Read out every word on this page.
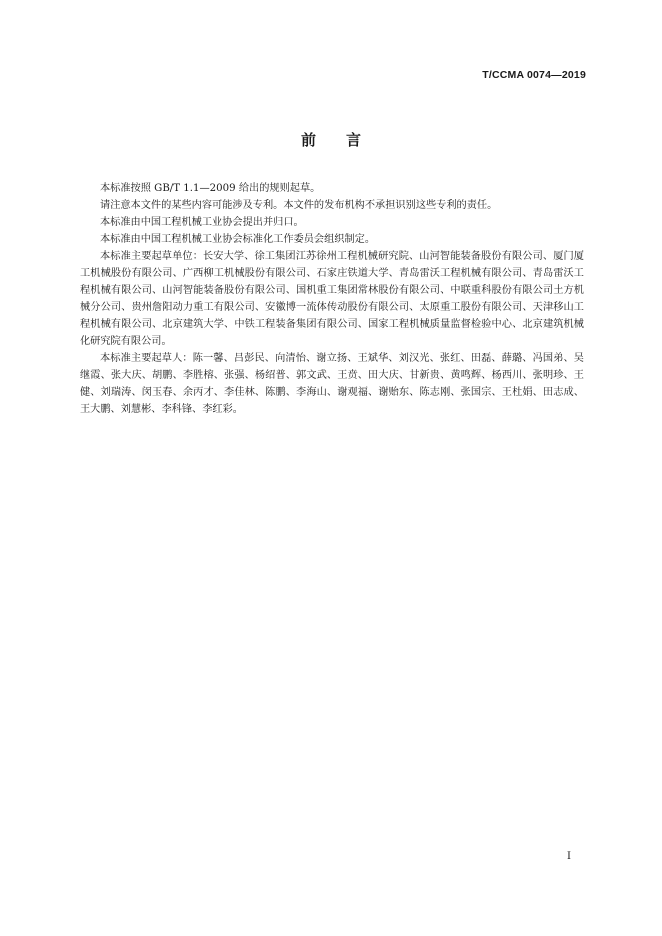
T/CCMA 0074—2019
前言

本标准按照 GB/T 1.1—2009 给出的规则起草。

请注意本文件的某些内容可能涉及专利。本文件的发布机构不承担识别这些专利的责任。

本标准由中国工程机械工业协会提出并归口。

本标准由中国工程机械工业协会标准化工作委员会组织制定。

本标准主要起草单位：长安大学、徐工集团江苏徐州工程机械研究院、山河智能装备股份有限公司、厦门厦工机械股份有限公司、广西柳工机械股份有限公司、石家庄铁道大学、青岛雷沃工程机械有限公司、青岛雷沃工程机械有限公司、山河智能装备股份有限公司、国机重工集团常林股份有限公司、中联重科股份有限公司土方机械分公司、贵州詹阳动力重工有限公司、安徽博一流体传动股份有限公司、太原重工股份有限公司、天津移山工程机械有限公司、北京建筑大学、中铁工程装备集团有限公司、国家工程机械质量监督检验中心、北京建筑机械化研究院有限公司。

本标准主要起草人：陈一馨、吕彭民、向清怡、谢立扬、王斌华、刘汉光、张红、田磊、薛璐、冯国弟、吴继霞、张大庆、胡鹏、李胜榕、张强、杨绍普、郭文武、王贲、田大庆、甘新贵、黄鸣辉、杨西川、张明珍、王健、刘瑞涛、闵玉春、余丙才、李佳林、陈鹏、李海山、谢观福、谢贻东、陈志刚、张国宗、王杜娟、田志成、王大鹏、刘慧彬、李科锋、李红彩。

I
